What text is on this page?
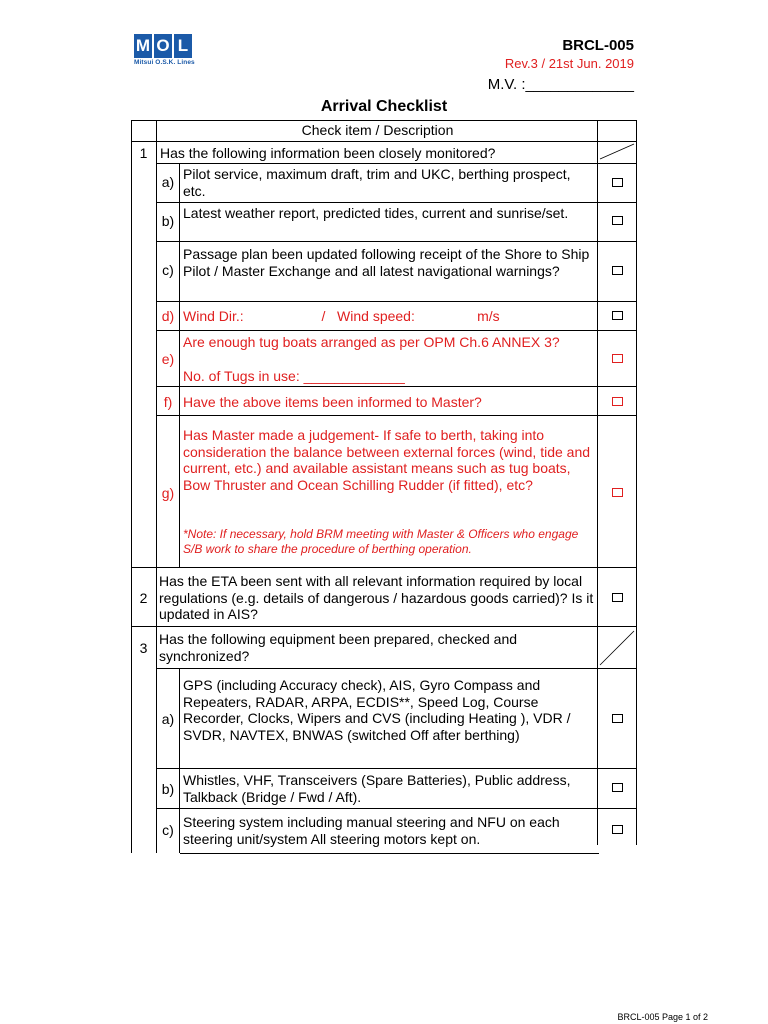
M O L
Mitsui O.S.K. Lines
BRCL-005
Rev.3 / 21st Jun. 2019
M.V. :_____________
Arrival Checklist
Check item / Description
1 Has the following information been closely monitored?
a) Pilot service, maximum draft, trim and UKC, berthing prospect, etc.
b) Latest weather report, predicted tides, current and sunrise/set.
c)
Passage plan been updated following receipt of the Shore to Ship Pilot / Master Exchange and all latest navigational warnings?
d) Wind Dir.:                    /   Wind speed:                m/s
e)
Are enough tug boats arranged as per OPM Ch.6 ANNEX 3?
No. of Tugs in use: _____________
f) Have the above items been informed to Master?
g)
Has Master made a judgement- If safe to berth, taking into consideration the balance between external forces (wind, tide and current, etc.) and available assistant means such as tug boats, Bow Thruster and Ocean Schilling Rudder (if fitted), etc?
*Note: If necessary, hold BRM meeting with Master & Officers who engage S/B work to share the procedure of berthing operation.
2
Has the ETA been sent with all relevant information required by local regulations (e.g. details of dangerous / hazardous goods carried)? Is it updated in AIS?
3
Has the following equipment been prepared, checked and synchronized?
a)
GPS (including Accuracy check), AIS, Gyro Compass and Repeaters, RADAR, ARPA, ECDIS**, Speed Log, Course Recorder, Clocks, Wipers and CVS (including Heating ), VDR / SVDR, NAVTEX, BNWAS (switched Off after berthing)
b)
Whistles, VHF, Transceivers (Spare Batteries), Public address, Talkback (Bridge / Fwd / Aft).
c) Steering system including manual steering and NFU on each steering unit/system All steering motors kept on.
BRCL-005 Page 1 of 2
